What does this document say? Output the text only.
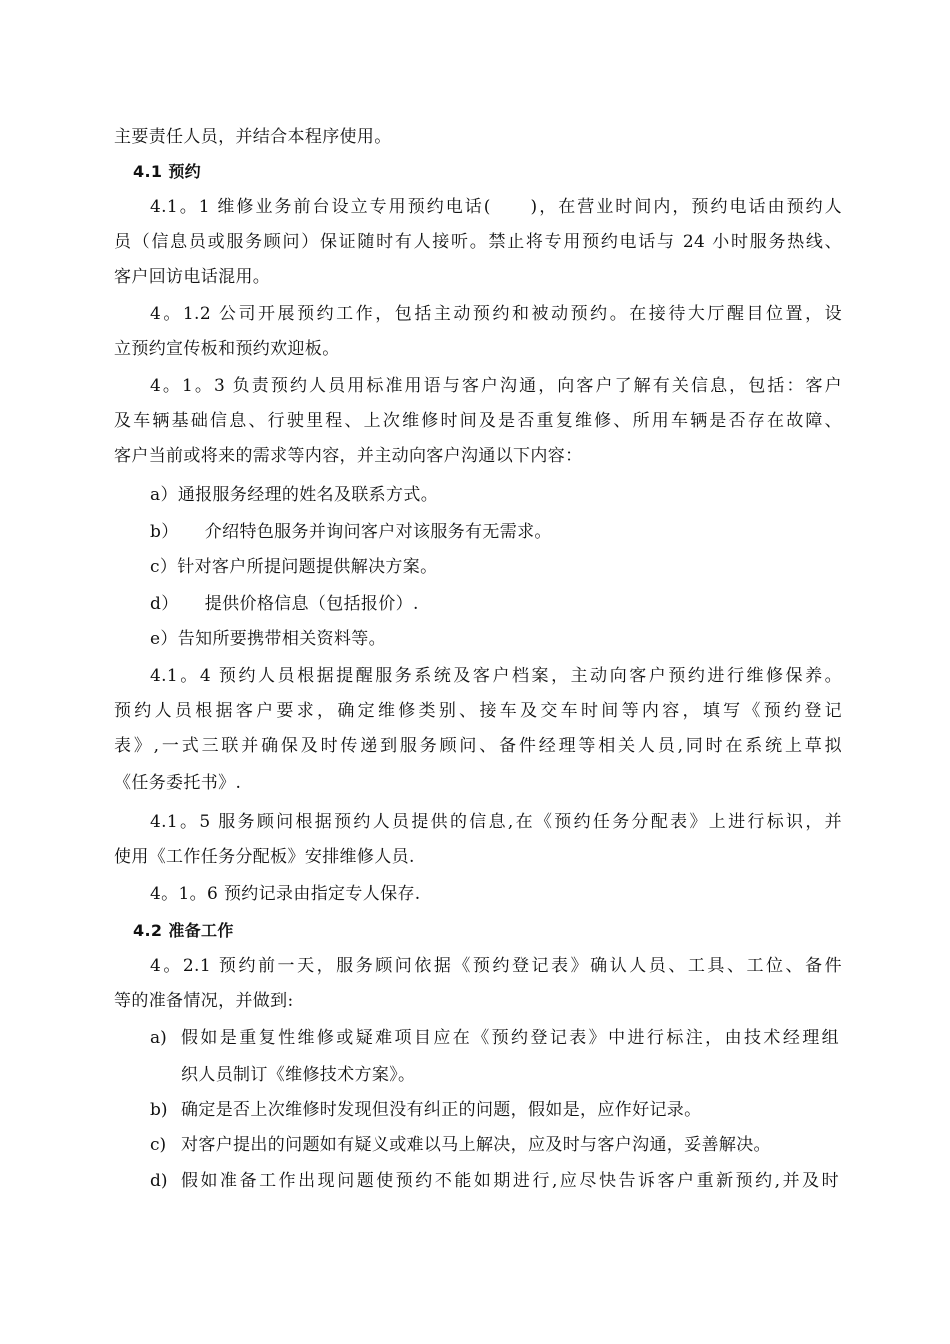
主要责任人员，并结合本程序使用。
4.1 预约
4.1。1 维修业务前台设立专用预约电话(　　)，在营业时间内，预约电话由预约人
员（信息员或服务顾问）保证随时有人接听。禁止将专用预约电话与 24 小时服务热线、
客户回访电话混用。
4。1.2 公司开展预约工作，包括主动预约和被动预约。在接待大厅醒目位置，设
立预约宣传板和预约欢迎板。
4。1。3 负责预约人员用标准用语与客户沟通，向客户了解有关信息，包括：客户
及车辆基础信息、行驶里程、上次维修时间及是否重复维修、所用车辆是否存在故障、
客户当前或将来的需求等内容，并主动向客户沟通以下内容：
a）通报服务经理的姓名及联系方式。
b）　　介绍特色服务并询问客户对该服务有无需求。
c）针对客户所提问题提供解决方案。
d）　　提供价格信息（包括报价）.
e）告知所要携带相关资料等。
4.1。4 预约人员根据提醒服务系统及客户档案，主动向客户预约进行维修保养。
预约人员根据客户要求，确定维修类别、接车及交车时间等内容，填写《预约登记
表》,一式三联并确保及时传递到服务顾问、备件经理等相关人员,同时在系统上草拟
《任务委托书》.
4.1。5 服务顾问根据预约人员提供的信息,在《预约任务分配表》上进行标识，并
使用《工作任务分配板》安排维修人员.
4。1。6 预约记录由指定专人保存.
4.2 准备工作
4。2.1 预约前一天，服务顾问依据《预约登记表》确认人员、工具、工位、备件
等的准备情况，并做到:
a) 假如是重复性维修或疑难项目应在《预约登记表》中进行标注，由技术经理组
织人员制订《维修技术方案》。
b) 确定是否上次维修时发现但没有纠正的问题，假如是，应作好记录。
c) 对客户提出的问题如有疑义或难以马上解决，应及时与客户沟通，妥善解决。
d) 假如准备工作出现问题使预约不能如期进行,应尽快告诉客户重新预约,并及时
